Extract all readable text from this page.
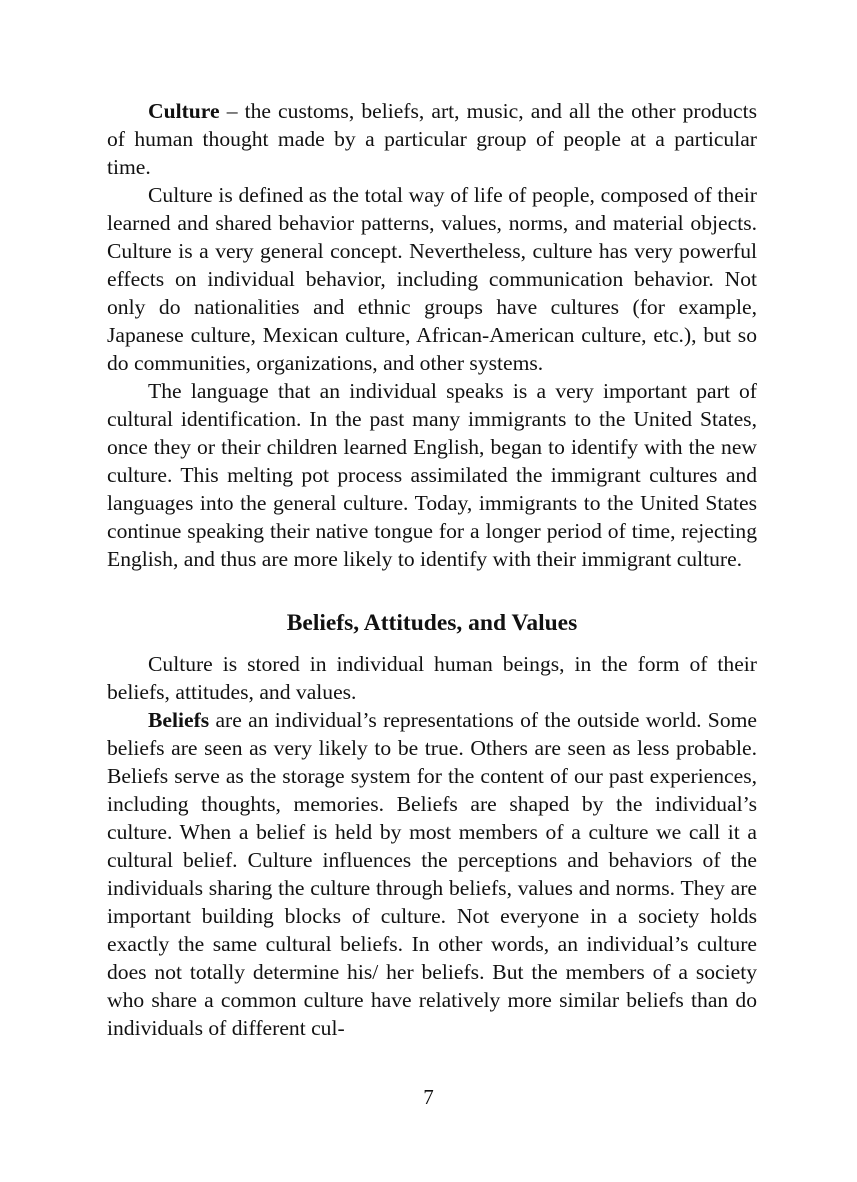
Culture – the customs, beliefs, art, music, and all the other products of human thought made by a particular group of people at a particular time.

Culture is defined as the total way of life of people, composed of their learned and shared behavior patterns, values, norms, and material objects. Culture is a very general concept. Nevertheless, culture has very powerful effects on individual behavior, including communication behavior. Not only do nationalities and ethnic groups have cultures (for example, Japanese culture, Mexican culture, African-American culture, etc.), but so do communities, organizations, and other systems.

The language that an individual speaks is a very important part of cultural identification. In the past many immigrants to the United States, once they or their children learned English, began to identify with the new culture. This melting pot process assimilated the immigrant cultures and languages into the general culture. Today, immigrants to the United States continue speaking their native tongue for a longer period of time, rejecting English, and thus are more likely to identify with their immigrant culture.

Beliefs, Attitudes, and Values

Culture is stored in individual human beings, in the form of their beliefs, attitudes, and values.

Beliefs are an individual’s representations of the outside world. Some beliefs are seen as very likely to be true. Others are seen as less probable. Beliefs serve as the storage system for the content of our past experiences, including thoughts, memories. Beliefs are shaped by the individual’s culture. When a belief is held by most members of a culture we call it a cultural belief. Culture influences the perceptions and behaviors of the individuals sharing the culture through beliefs, values and norms. They are important building blocks of culture. Not everyone in a society holds exactly the same cultural beliefs. In other words, an individual’s culture does not totally determine his/ her beliefs. But the members of a society who share a common culture have relatively more similar beliefs than do individuals of different cul-

7
